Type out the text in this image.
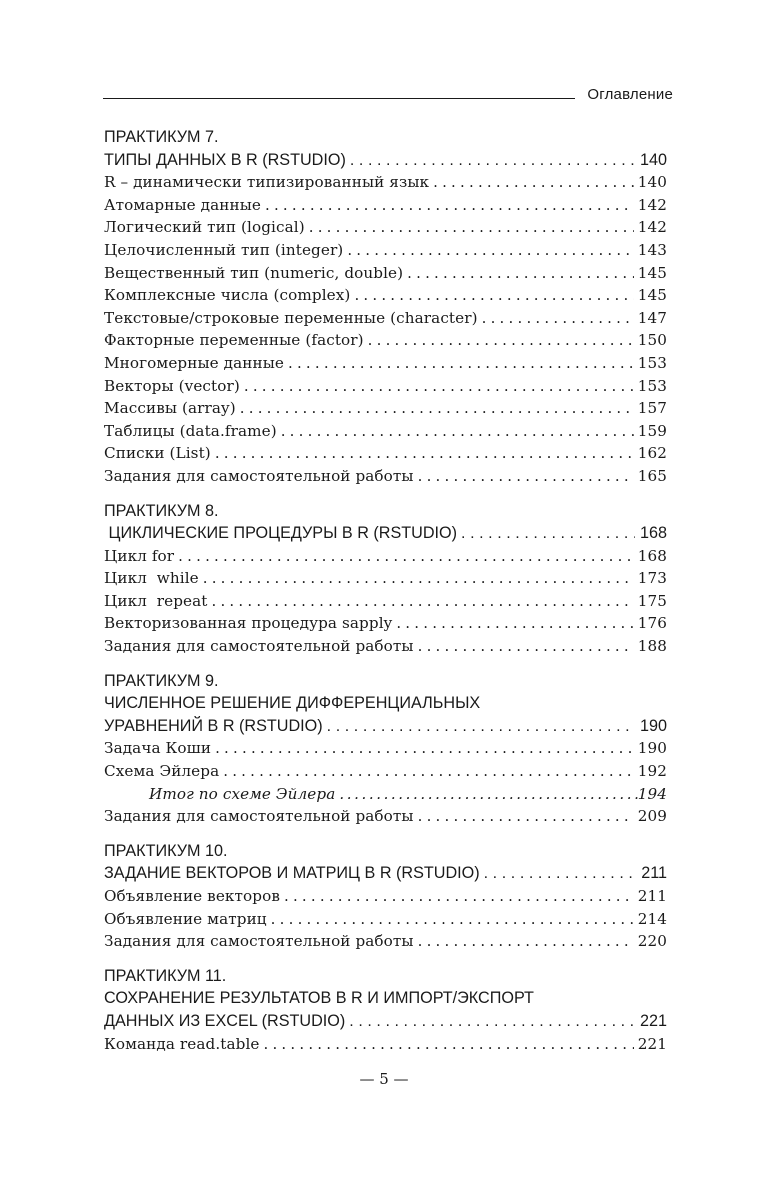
Оглавление
ПРАКТИКУМ 7.
ТИПЫ ДАННЫХ В R (RSTUDIO) .....	140
R – динамически типизированный язык .....	140
Атомарные данные .....	142
Логический тип (logical) .....	142
Целочисленный тип (integer) .....	143
Вещественный тип (numeric, double) .....	145
Комплексные числа (complex) .....	145
Текстовые/строковые переменные (character) .....	147
Факторные переменные (factor) .....	150
Многомерные данные .....	153
Векторы (vector) .....	153
Массивы (array) .....	157
Таблицы (data.frame) .....	159
Списки (List) .....	162
Задания для самостоятельной работы .....	165
ПРАКТИКУМ 8.
ЦИКЛИЧЕСКИЕ ПРОЦЕДУРЫ В R (RSTUDIO) .....	168
Цикл for .....	168
Цикл  while .....	173
Цикл  repeat .....	175
Векторизованная процедура sapply .....	176
Задания для самостоятельной работы .....	188
ПРАКТИКУМ 9.
ЧИСЛЕННОЕ РЕШЕНИЕ ДИФФЕРЕНЦИАЛЬНЫХ
УРАВНЕНИЙ В R (RSTUDIO) .....	190
Задача Коши .....	190
Схема Эйлера .....	192
Итог по схеме Эйлера .....	194
Задания для самостоятельной работы .....	209
ПРАКТИКУМ 10.
ЗАДАНИЕ ВЕКТОРОВ И МАТРИЦ В R (RSTUDIO) .....	211
Объявление векторов .....	211
Объявление матриц .....	214
Задания для самостоятельной работы .....	220
ПРАКТИКУМ 11.
СОХРАНЕНИЕ РЕЗУЛЬТАТОВ В R И ИМПОРТ/ЭКСПОРТ
ДАННЫХ ИЗ EXCEL (RSTUDIO) .....	221
Команда read.table .....	221
— 5 —
